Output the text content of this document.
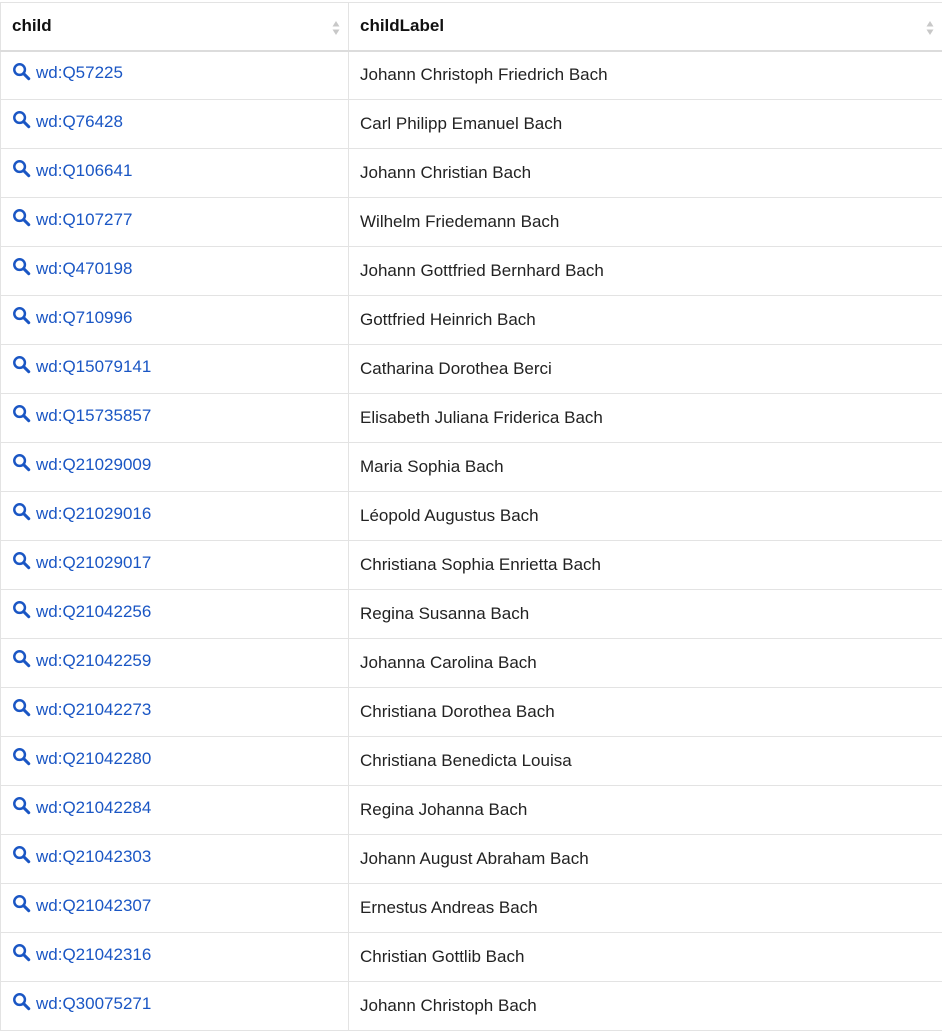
child	childLabel

wd:Q57225	Johann Christoph Friedrich Bach

wd:Q76428	Carl Philipp Emanuel Bach

wd:Q106641	Johann Christian Bach

wd:Q107277	Wilhelm Friedemann Bach

wd:Q470198	Johann Gottfried Bernhard Bach

wd:Q710996	Gottfried Heinrich Bach

wd:Q15079141	Catharina Dorothea Berci

wd:Q15735857	Elisabeth Juliana Friderica Bach

wd:Q21029009	Maria Sophia Bach

wd:Q21029016	Léopold Augustus Bach

wd:Q21029017	Christiana Sophia Enrietta Bach

wd:Q21042256	Regina Susanna Bach

wd:Q21042259	Johanna Carolina Bach

wd:Q21042273	Christiana Dorothea Bach

wd:Q21042280	Christiana Benedicta Louisa

wd:Q21042284	Regina Johanna Bach

wd:Q21042303	Johann August Abraham Bach

wd:Q21042307	Ernestus Andreas Bach

wd:Q21042316	Christian Gottlib Bach

wd:Q30075271	Johann Christoph Bach
